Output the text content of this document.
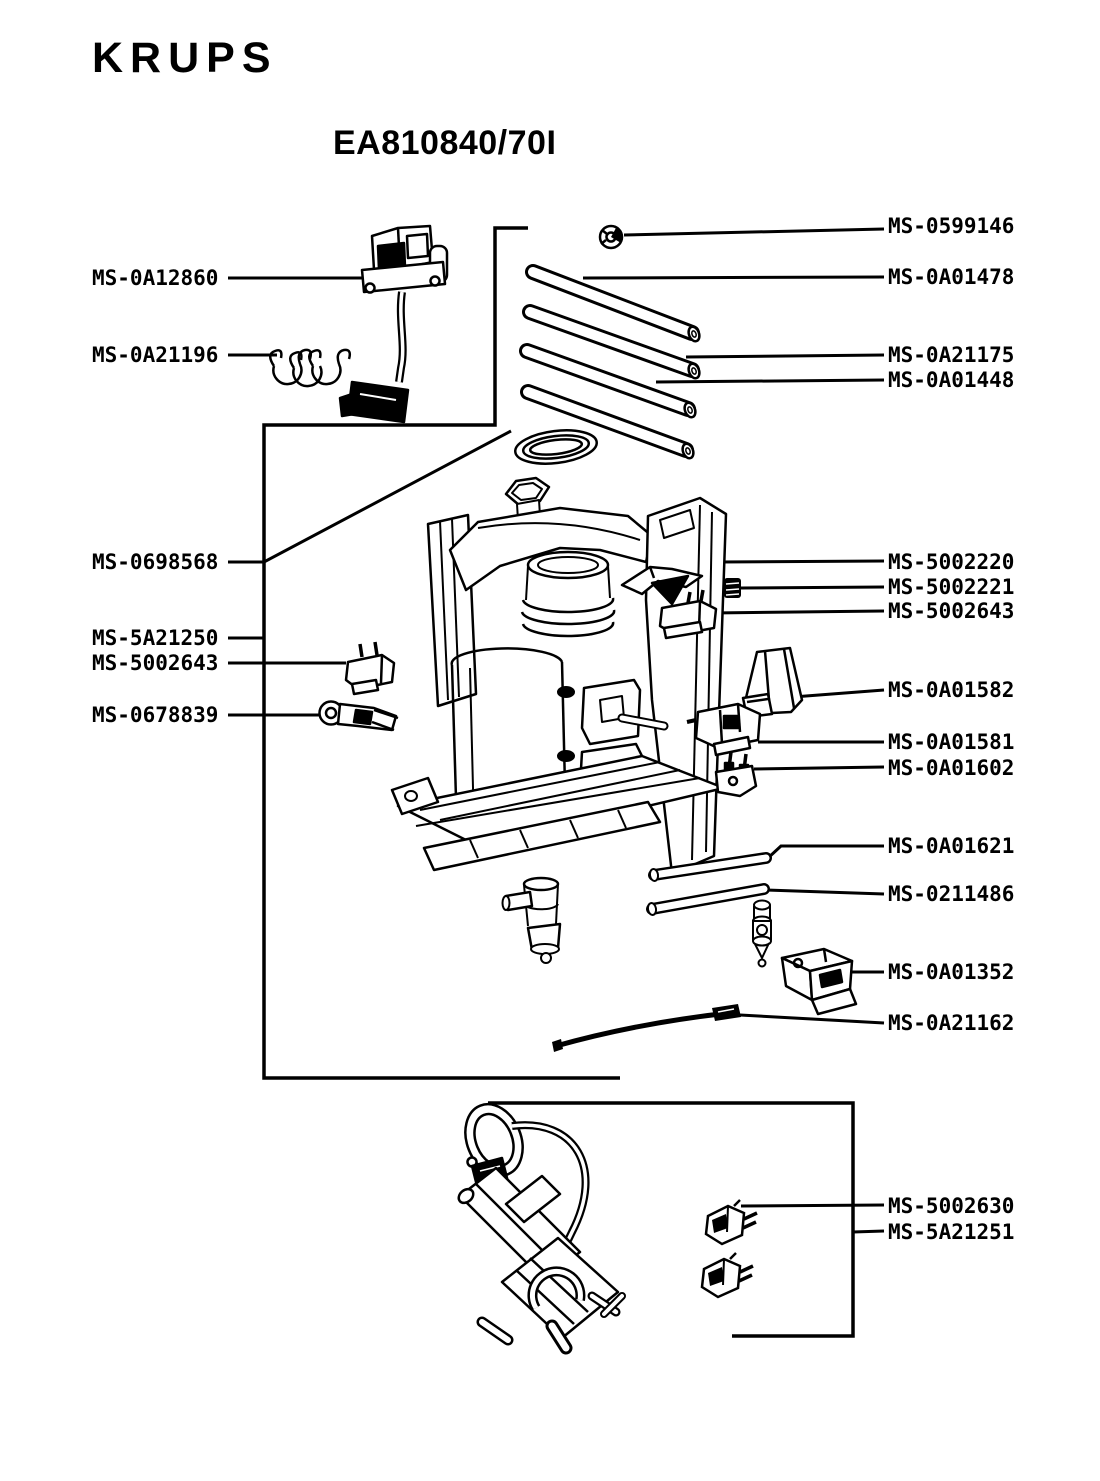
KRUPS
EA810840/70I
MS-0A12860
MS-0A21196
MS-0698568
MS-5A21250
MS-5002643
MS-0678839
MS-0599146
MS-0A01478
MS-0A21175
MS-0A01448
MS-5002220
MS-5002221
MS-5002643
MS-0A01582
MS-0A01581
MS-0A01602
MS-0A01621
MS-0211486
MS-0A01352
MS-0A21162
MS-5002630
MS-5A21251
